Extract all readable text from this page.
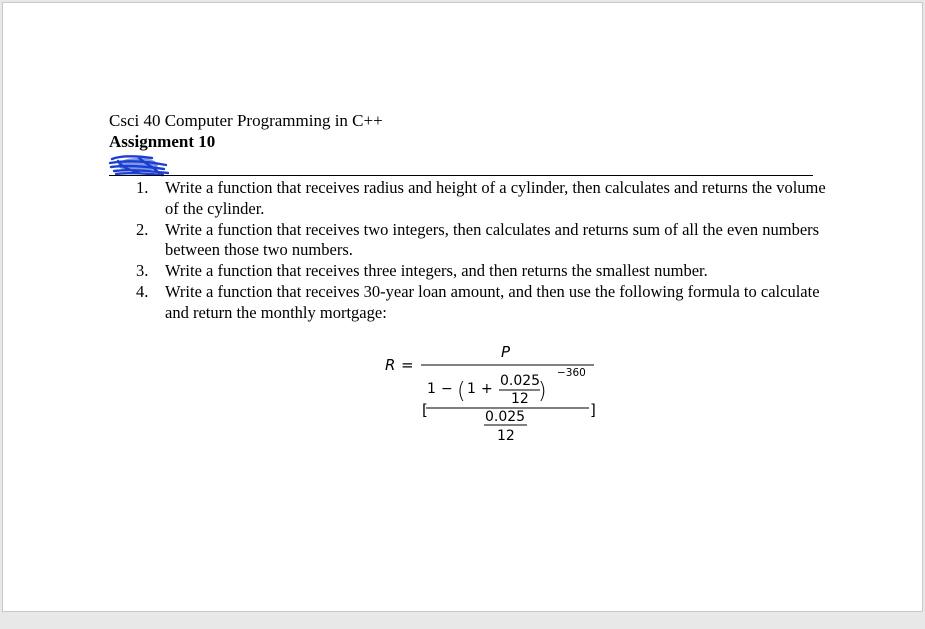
Csci 40 Computer Programming in C++
Assignment 10
1. Write a function that receives radius and height of a cylinder, then calculates and returns the volume of the cylinder.
2. Write a function that receives two integers, then calculates and returns sum of all the even numbers between those two numbers.
3. Write a function that receives three integers, and then returns the smallest number.
4. Write a function that receives 30-year loan amount, and then use the following formula to calculate and return the monthly mortgage:
R =
P
1 − ( 1 + 0.025
12 )
−360
[	]
0.025
12
